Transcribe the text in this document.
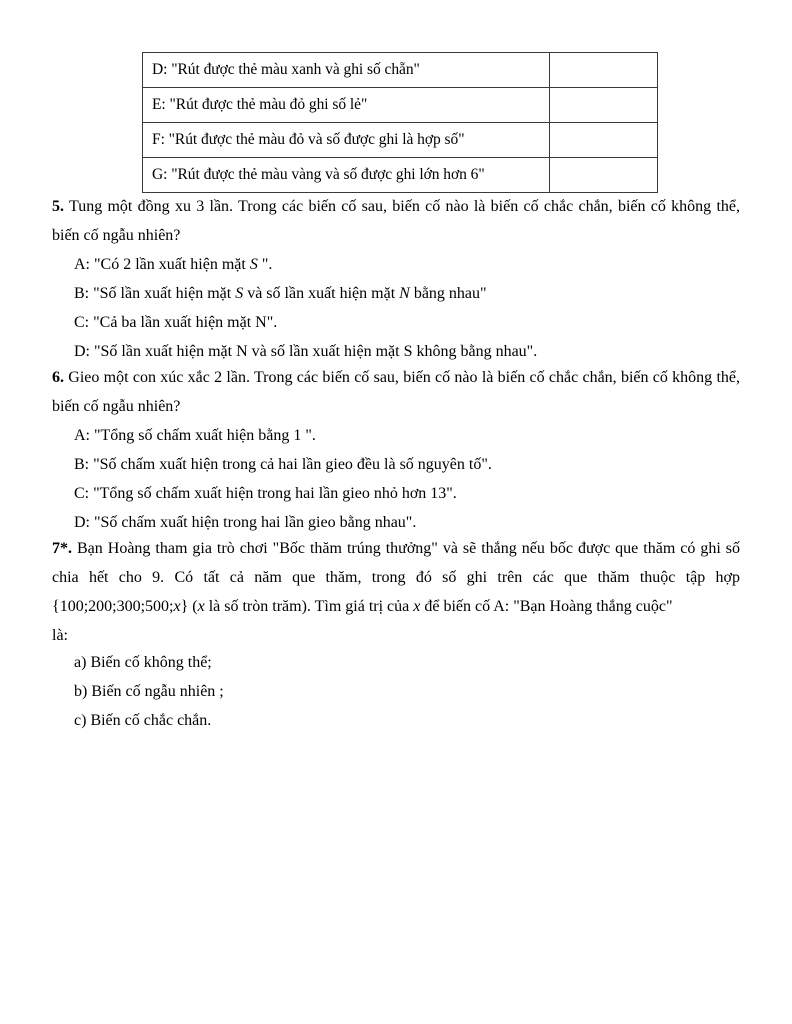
D: "Rút được thẻ màu xanh và ghi số chẵn"	
E: "Rút được thẻ màu đỏ ghi số lẻ"	
F: "Rút được thẻ màu đỏ và số được ghi là hợp số"	
G: "Rút được thẻ màu vàng và số được ghi lớn hơn 6"	

5. Tung một đồng xu 3 lần. Trong các biến cố sau, biến cố nào là biến cố chắc chắn, biến cố không thể, biến cố ngẫu nhiên?

A: "Có 2 lần xuất hiện mặt S ".

B: "Số lần xuất hiện mặt S và số lần xuất hiện mặt N bằng nhau"

C: "Cả ba lần xuất hiện mặt N".

D: "Số lần xuất hiện mặt N và số lần xuất hiện mặt S không bằng nhau".

6. Gieo một con xúc xắc 2 lần. Trong các biến cố sau, biến cố nào là biến cố chắc chắn, biến cố không thể, biến cố ngẫu nhiên?

A: "Tổng số chấm xuất hiện bằng 1 ".

B: "Số chấm xuất hiện trong cả hai lần gieo đều là số nguyên tố".

C: "Tổng số chấm xuất hiện trong hai lần gieo nhỏ hơn 13".

D: "Số chấm xuất hiện trong hai lần gieo bằng nhau".

7*. Bạn Hoàng tham gia trò chơi "Bốc thăm trúng thưởng" và sẽ thắng nếu bốc được que thăm có ghi số chia hết cho 9. Có tất cả năm que thăm, trong đó số ghi trên các que thăm thuộc tập hợp {100;200;300;500;x} (x là số tròn trăm). Tìm giá trị của x để biến cố A: "Bạn Hoàng thắng cuộc"

là:

a) Biến cố không thể;

b) Biến cố ngẫu nhiên ;

c) Biến cố chắc chắn.
